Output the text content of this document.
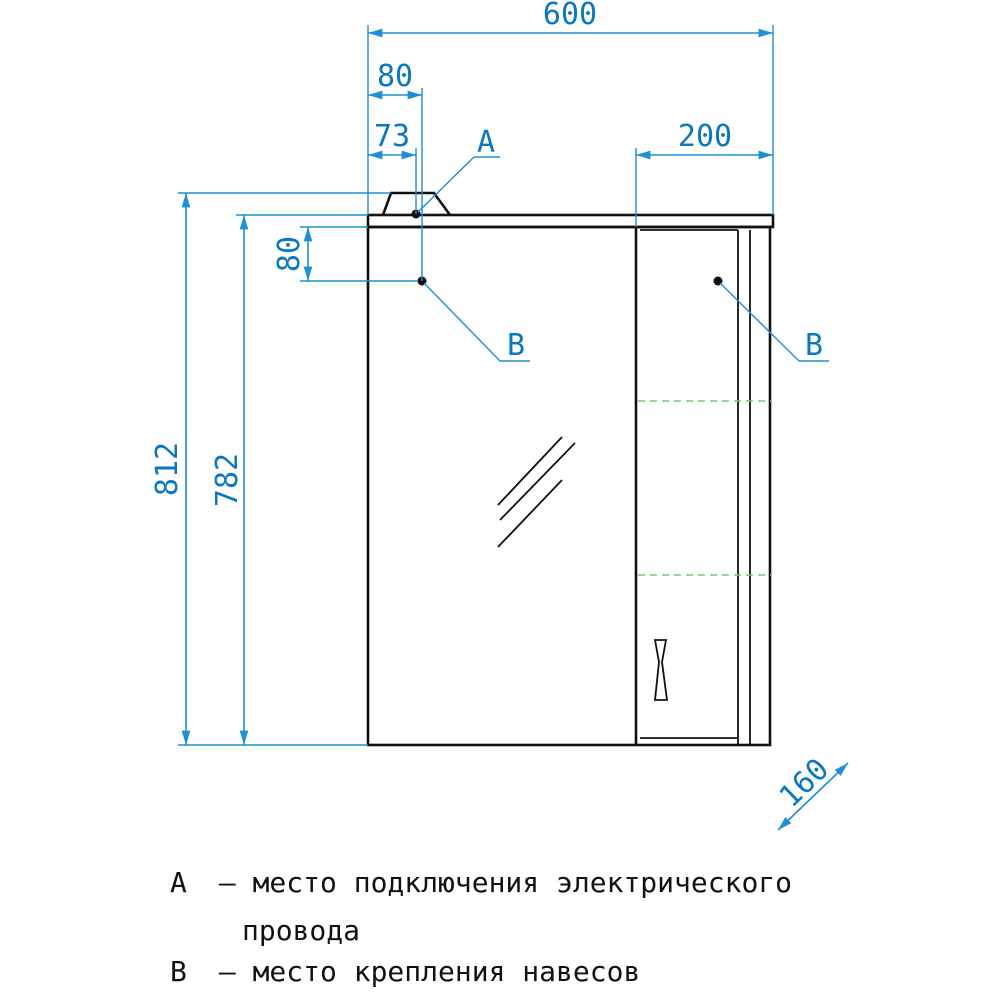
600
80
73	200
80
812 782
160
A
B	B
A – место подключения электрического
провода
B – место крепления навесов
